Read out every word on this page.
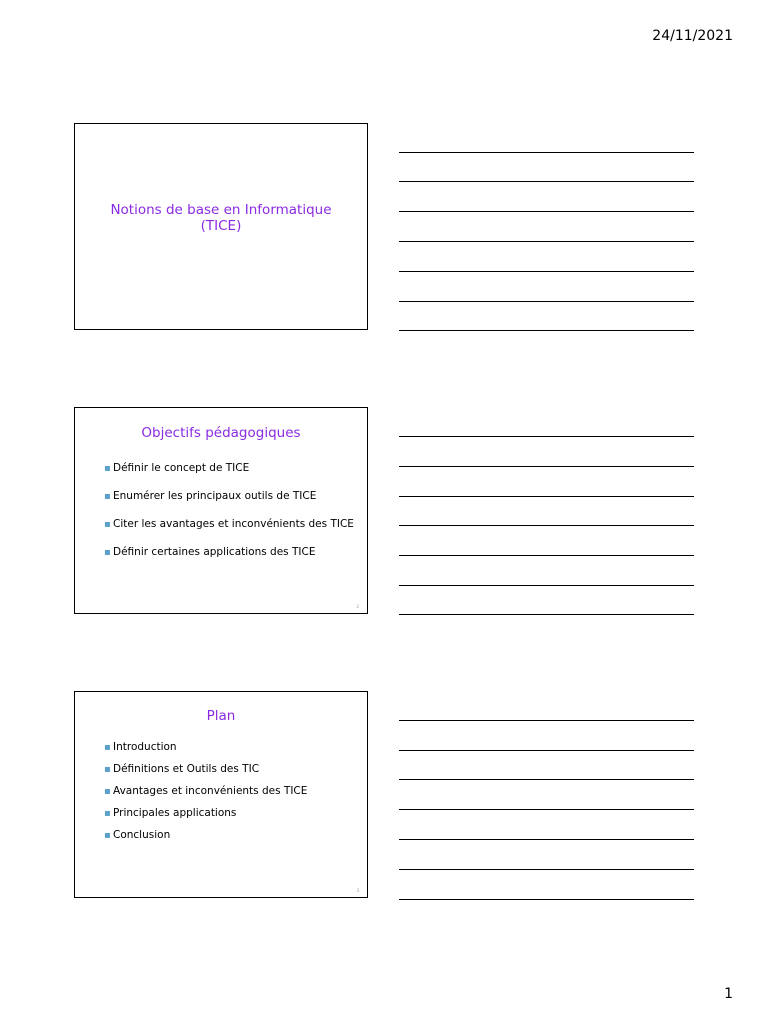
24/11/2021
Notions de base en Informatique
(TICE)
Objectifs pédagogiques
▪ Définir le concept de TICE
▪ Enumérer les principaux outils de TICE
▪ Citer les avantages et inconvénients des TICE
▪ Définir certaines applications des TICE
2
Plan
▪ Introduction
▪ Définitions et Outils des TIC
▪ Avantages et inconvénients des TICE
▪ Principales applications
▪ Conclusion
3
1
